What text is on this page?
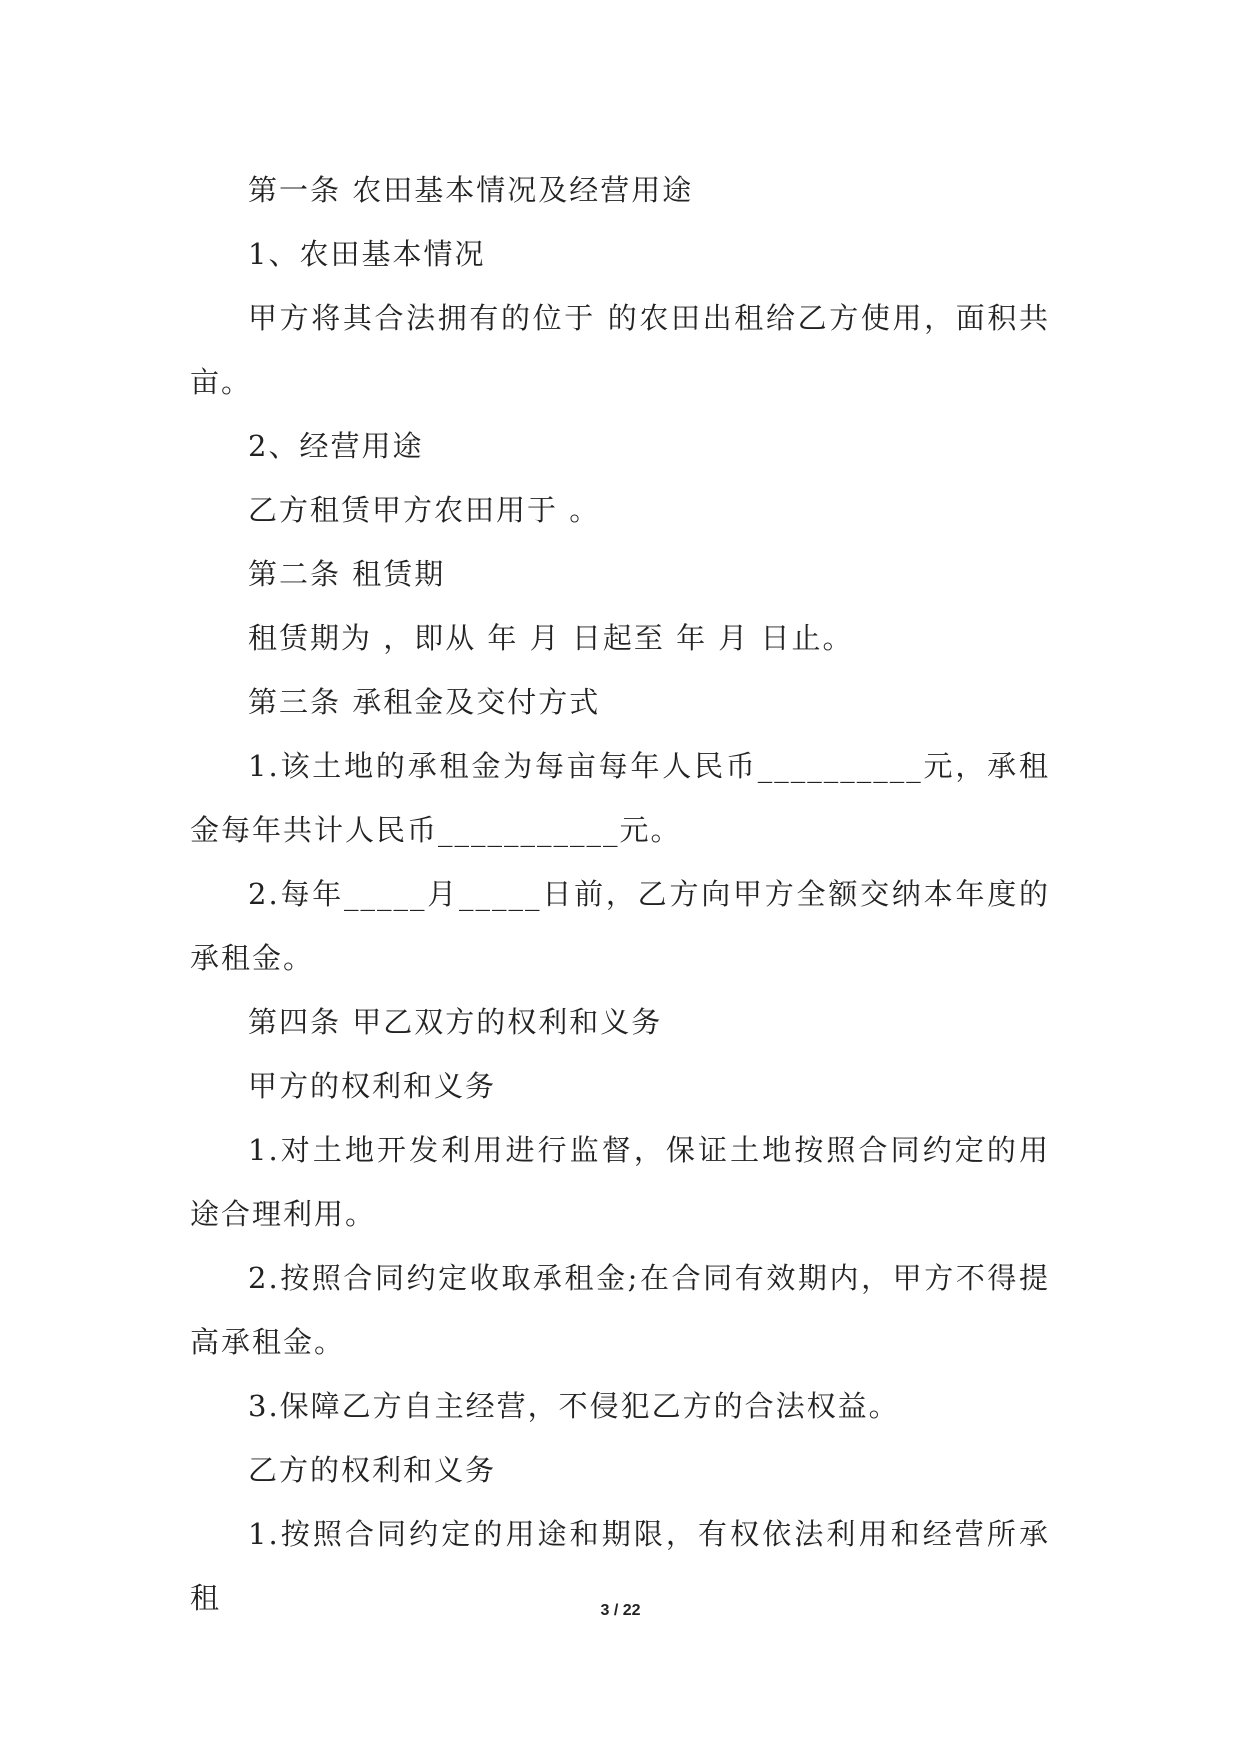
第一条 农田基本情况及经营用途

1、农田基本情况

甲方将其合法拥有的位于 的农田出租给乙方使用，面积共 亩。

2、经营用途

乙方租赁甲方农田用于 。

第二条 租赁期

租赁期为 ，即从 年 月 日起至 年 月 日止。

第三条 承租金及交付方式

1.该土地的承租金为每亩每年人民币__________元，承租金每年共计人民币___________元。

2.每年_____月_____日前，乙方向甲方全额交纳本年度的承租金。

第四条 甲乙双方的权利和义务

甲方的权利和义务

1.对土地开发利用进行监督，保证土地按照合同约定的用途合理利用。

2.按照合同约定收取承租金;在合同有效期内，甲方不得提高承租金。

3.保障乙方自主经营，不侵犯乙方的合法权益。

乙方的权利和义务

1.按照合同约定的用途和期限，有权依法利用和经营所承租	3 / 22
